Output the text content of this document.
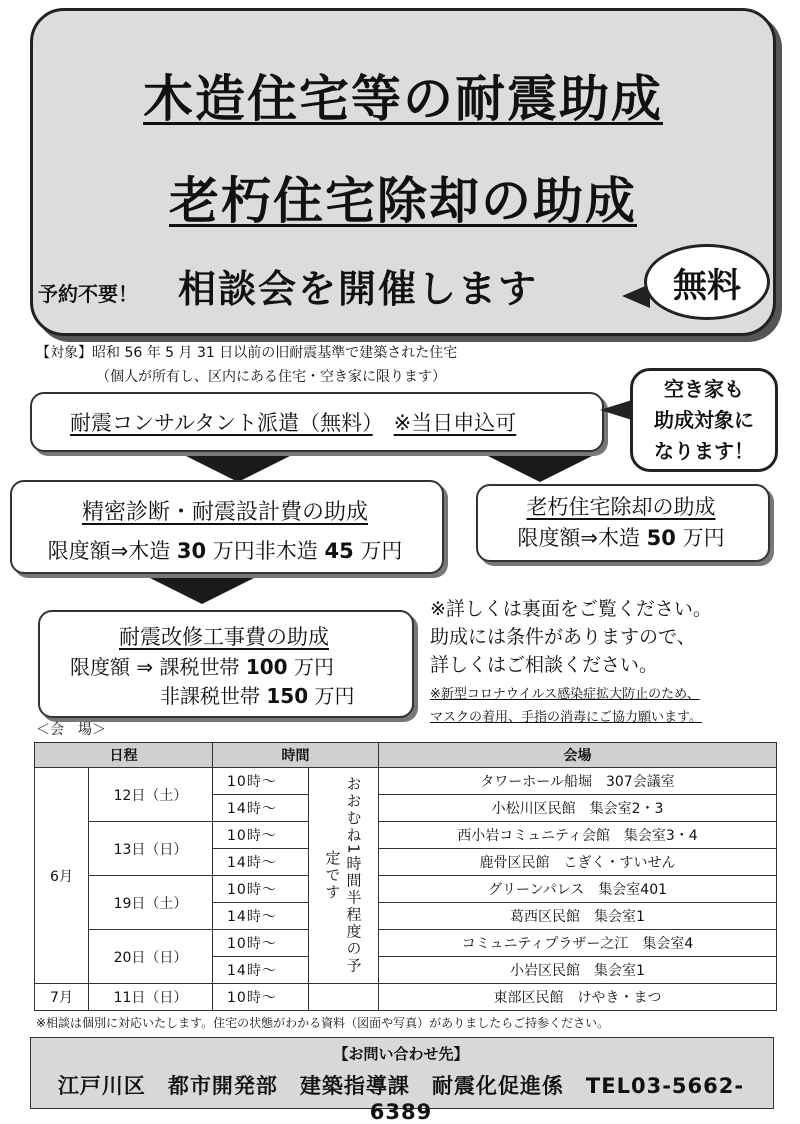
木造住宅等の耐震助成
老朽住宅除却の助成
予約不要！ 相談会を開催します	無料
【対象】昭和 56 年 5 月 31 日以前の旧耐震基準で建築された住宅
（個人が所有し、区内にある住宅・空き家に限ります）
耐震コンサルタント派遣（無料）　 ※当日申込可
空き家も
助成対象に
なります！
精密診断・耐震設計費の助成
限度額⇒木造 30 万円非木造 45 万円
老朽住宅除却の助成
限度額⇒木造 50 万円
耐震改修工事費の助成
限度額 ⇒ 課税世帯 100 万円
非課税世帯 150 万円
※詳しくは裏面をご覧ください。
助成には条件がありますので、
詳しくはご相談ください。
※新型コロナウイルス感染症拡大防止のため、
マスクの着用、手指の消毒にご協力願います。
＜会　場＞
日程		時間		会場
6月	12日（土）	10時～	おおむね1時間半程度の予定です	タワーホール船堀　307会議室
		14時～		小松川区民館　集会室2・3
	13日（日）	10時～		西小岩コミュニティ会館　集会室3・4
		14時～		鹿骨区民館　こぎく・すいせん
	19日（土）	10時～		グリーンパレス　集会室401
		14時～		葛西区民館　集会室1
	20日（日）	10時～		コミュニティプラザー之江　集会室4
		14時～		小岩区民館　集会室1
7月	11日（日）	10時～		東部区民館　けやき・まつ
※相談は個別に対応いたします。住宅の状態がわかる資料（図面や写真）がありましたらご持参ください。
【お問い合わせ先】
江戸川区　都市開発部　建築指導課　耐震化促進係　TEL03-5662-6389
